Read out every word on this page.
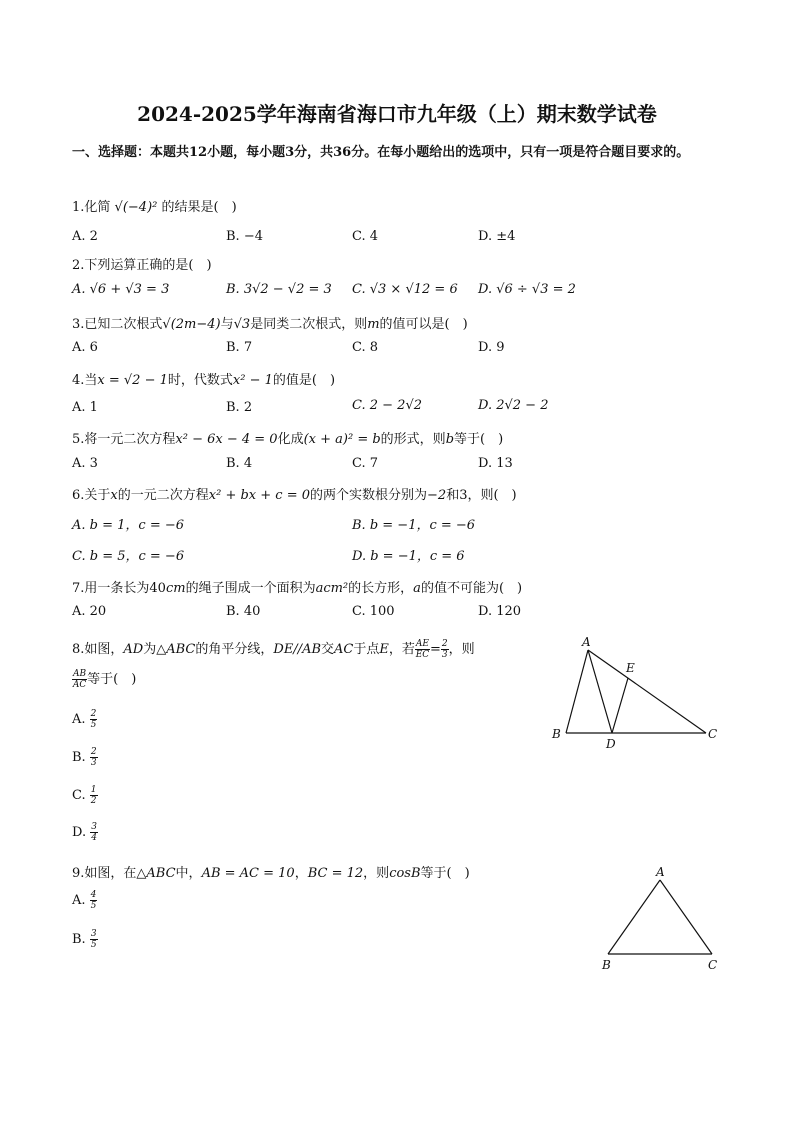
2024-2025学年海南省海口市九年级（上）期末数学试卷
一、选择题：本题共12小题，每小题3分，共36分。在每小题给出的选项中，只有一项是符合题目要求的。
1.化简 √(−4)² 的结果是(　)
A. 2	B. −4	C. 4	D. ±4
2.下列运算正确的是(　)
A. √6 + √3 = 3	B. 3√2 − √2 = 3 C. √3 × √12 = 6 D. √6 ÷ √3 = 2
3.已知二次根式√(2m−4)与√3是同类二次根式，则m的值可以是(　)
A. 6	B. 7	C. 8	D. 9
4.当x = √2 − 1时，代数式x² − 1的值是(　)
A. 1	B. 2	C. 2 − 2√2	D. 2√2 − 2
5.将一元二次方程x² − 6x − 4 = 0化成(x + a)² = b的形式，则b等于(　)
A. 3	B. 4	C. 7	D. 13
6.关于x的一元二次方程x² + bx + c = 0的两个实数根分别为−2和3，则(　)
A. b = 1，c = −6	B. b = −1，c = −6
C. b = 5，c = −6	D. b = −1，c = 6
7.用一条长为40cm的绳子围成一个面积为acm²的长方形，a的值不可能为(　)
A. 20	B. 40	C. 100	D. 120
8.如图，AD为△ABC的角平分线，DE//AB交AC于点E，若 $\frac{AE}{EC} = \frac{2}{3}$ ，则
$\frac{AB}{AC}$ 等于(　)
A. $\frac{2}{5}$
B. $\frac{2}{3}$
C. $\frac{1}{2}$
D. $\frac{3}{4}$
A
B	C
D
E
9.如图，在△ABC中，AB = AC = 10，BC = 12，则cosB等于(　)
A. $\frac{4}{5}$
B. $\frac{3}{5}$
A
B	C
